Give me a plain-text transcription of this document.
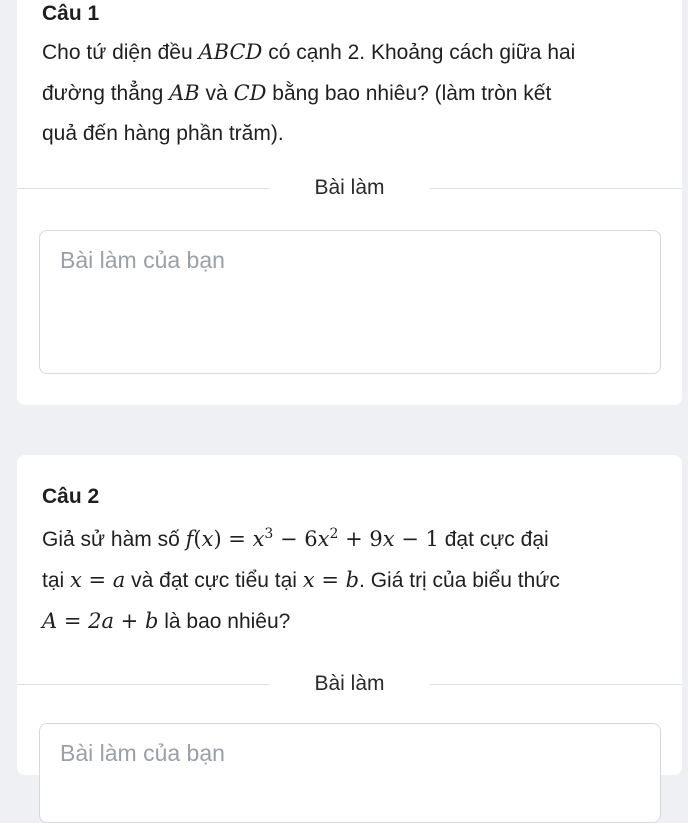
Câu 1
Cho tứ diện đều ABCD có cạnh 2. Khoảng cách giữa hai
đường thẳng AB và CD bằng bao nhiêu? (làm tròn kết
quả đến hàng phần trăm).
Bài làm
Bài làm của bạn
Câu 2
Giả sử hàm số $f(x) = x^3 - 6x^2 + 9x - 1$ đạt cực đại
tại x = a và đạt cực tiểu tại x = b. Giá trị của biểu thức
A = 2a + b là bao nhiêu?
Bài làm
Bài làm của bạn
